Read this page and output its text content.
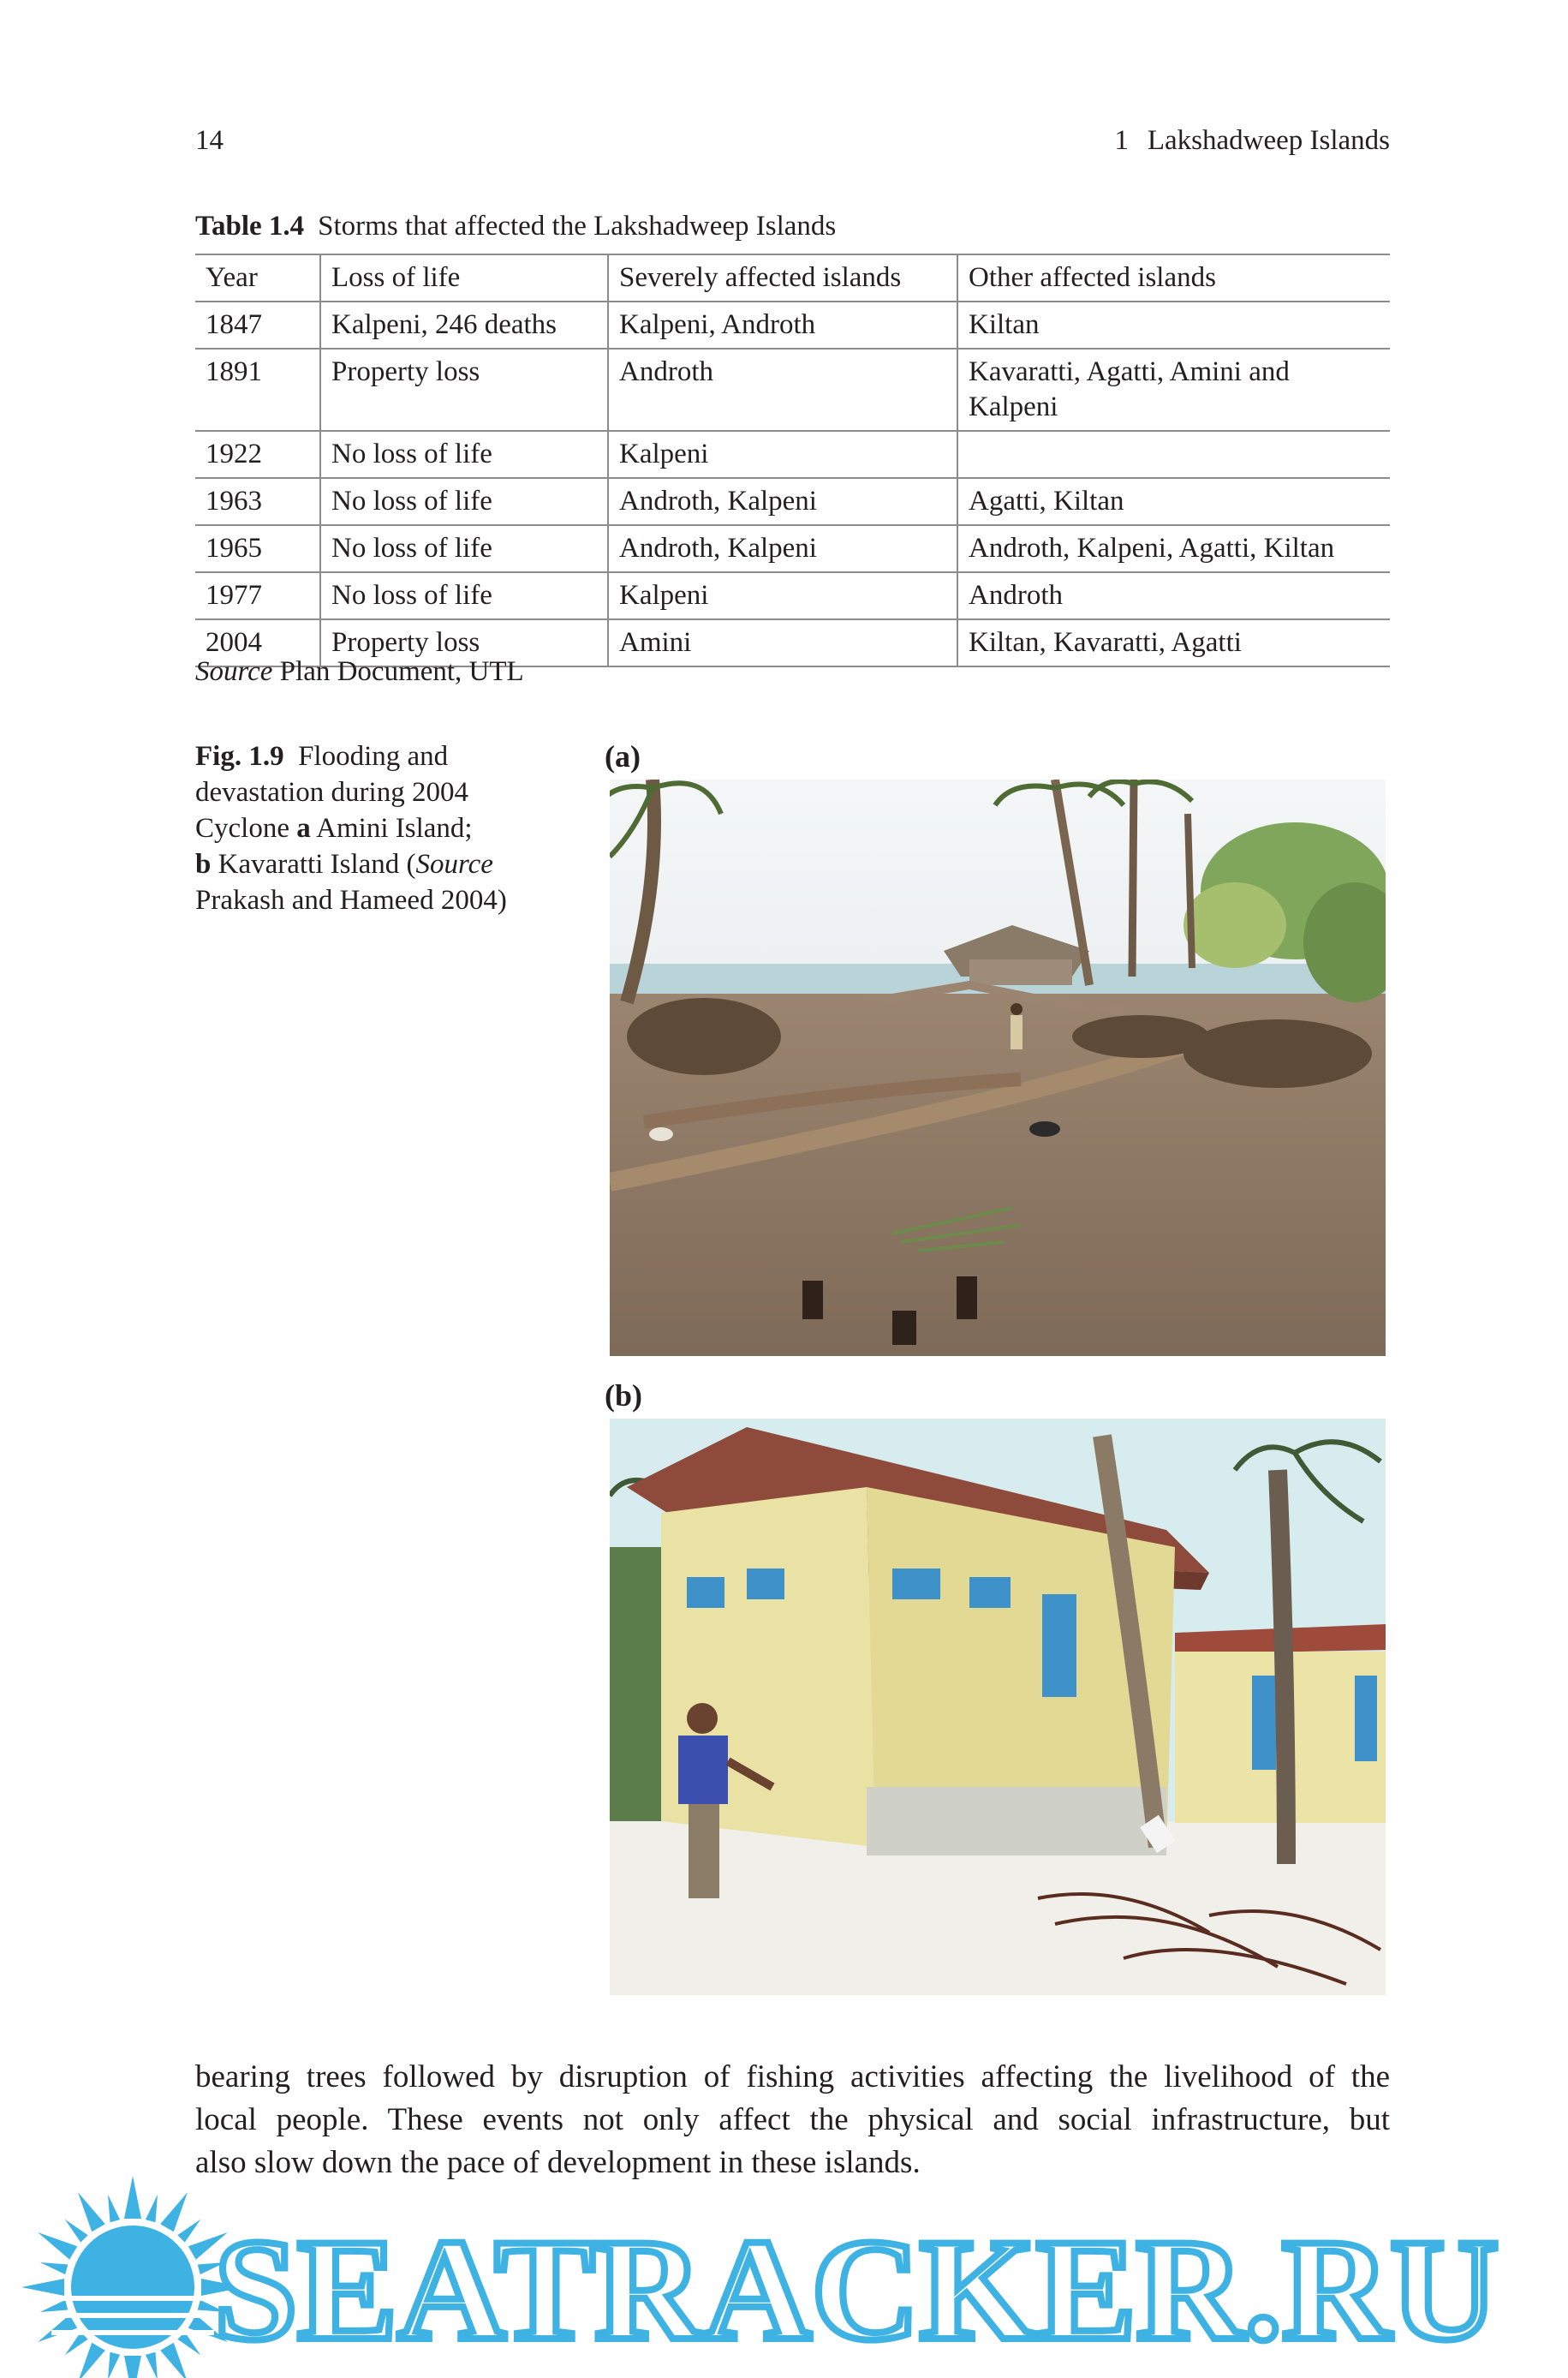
14	1 Lakshadweep Islands
Table 1.4 Storms that affected the Lakshadweep Islands
Year	Loss of life	Severely affected islands	Other affected islands
1847	Kalpeni, 246 deaths	Kalpeni, Androth	Kiltan
1891	Property loss	Androth	Kavaratti, Agatti, Amini and Kalpeni
1922	No loss of life	Kalpeni	
1963	No loss of life	Androth, Kalpeni	Agatti, Kiltan
1965	No loss of life	Androth, Kalpeni	Androth, Kalpeni, Agatti, Kiltan
1977	No loss of life	Kalpeni	Androth
2004	Property loss	Amini	Kiltan, Kavaratti, Agatti
Source Plan Document, UTL
Fig. 1.9 Flooding and devastation during 2004 Cyclone a Amini Island;
b Kavaratti Island (Source Prakash and Hameed 2004)
(a)
(b)
bearing trees followed by disruption of fishing activities affecting the livelihood of the
local people. These events not only affect the physical and social infrastructure, but
also slow down the pace of development in these islands.
SEATRACKER.RU
